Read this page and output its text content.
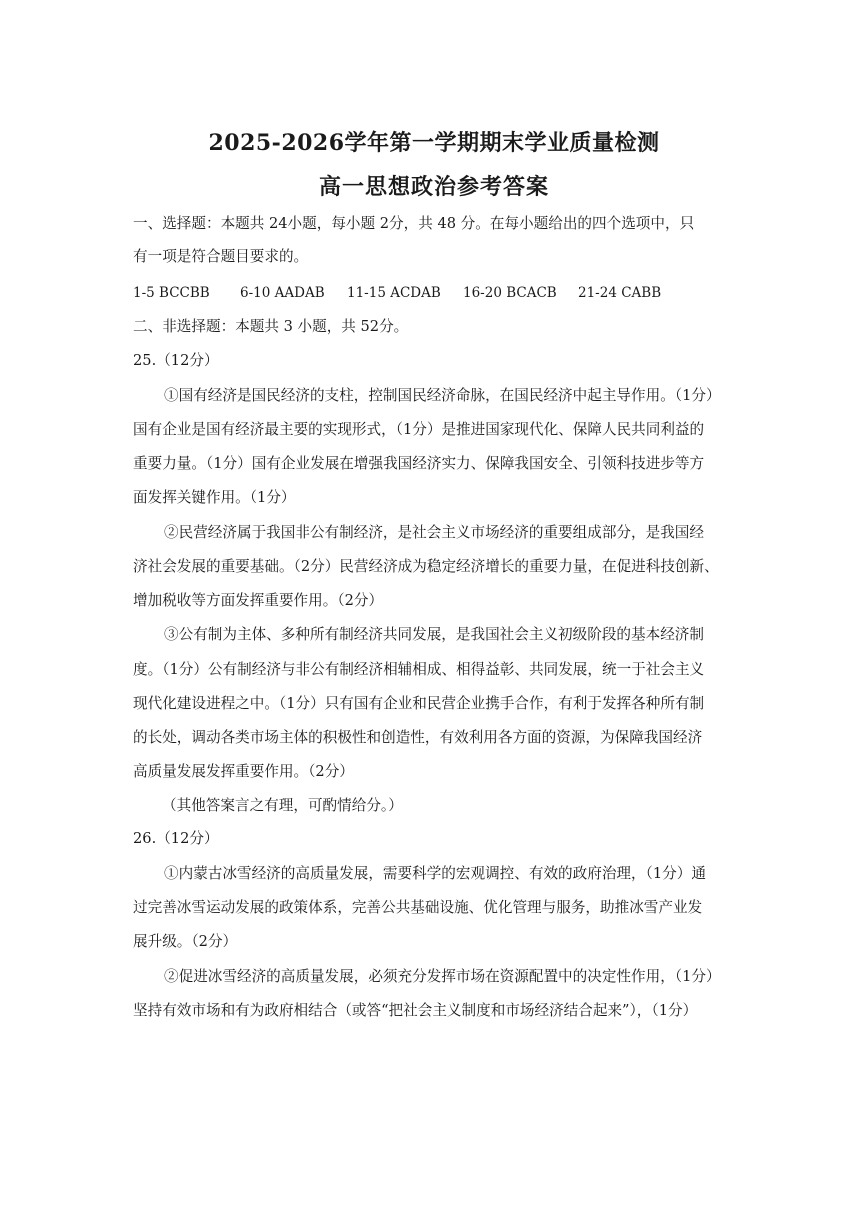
2025-2026学年第一学期期末学业质量检测
高一思想政治参考答案
一、选择题：本题共 24小题，每小题 2分，共 48 分。在每小题给出的四个选项中，只
有一项是符合题目要求的。
1-5 BCCBB 6-10 AADAB 11-15 ACDAB 16-20 BCACB 21-24 CABB
二、非选择题：本题共 3 小题，共 52分。
25.（12分）
①国有经济是国民经济的支柱，控制国民经济命脉，在国民经济中起主导作用。（1分）
国有企业是国有经济最主要的实现形式，（1分）是推进国家现代化、保障人民共同利益的
重要力量。（1分）国有企业发展在增强我国经济实力、保障我国安全、引领科技进步等方
面发挥关键作用。（1分）
②民营经济属于我国非公有制经济，是社会主义市场经济的重要组成部分，是我国经
济社会发展的重要基础。（2分）民营经济成为稳定经济增长的重要力量，在促进科技创新、
增加税收等方面发挥重要作用。（2分）
③公有制为主体、多种所有制经济共同发展，是我国社会主义初级阶段的基本经济制
度。（1分）公有制经济与非公有制经济相辅相成、相得益彰、共同发展，统一于社会主义
现代化建设进程之中。（1分）只有国有企业和民营企业携手合作，有利于发挥各种所有制
的长处，调动各类市场主体的积极性和创造性，有效利用各方面的资源，为保障我国经济
高质量发展发挥重要作用。（2分）
（其他答案言之有理，可酌情给分。）
26.（12分）
①内蒙古冰雪经济的高质量发展，需要科学的宏观调控、有效的政府治理，（1分）通
过完善冰雪运动发展的政策体系，完善公共基础设施、优化管理与服务，助推冰雪产业发
展升级。（2分）
②促进冰雪经济的高质量发展，必须充分发挥市场在资源配置中的决定性作用，（1分）
坚持有效市场和有为政府相结合（或答“把社会主义制度和市场经济结合起来”），（1分）
